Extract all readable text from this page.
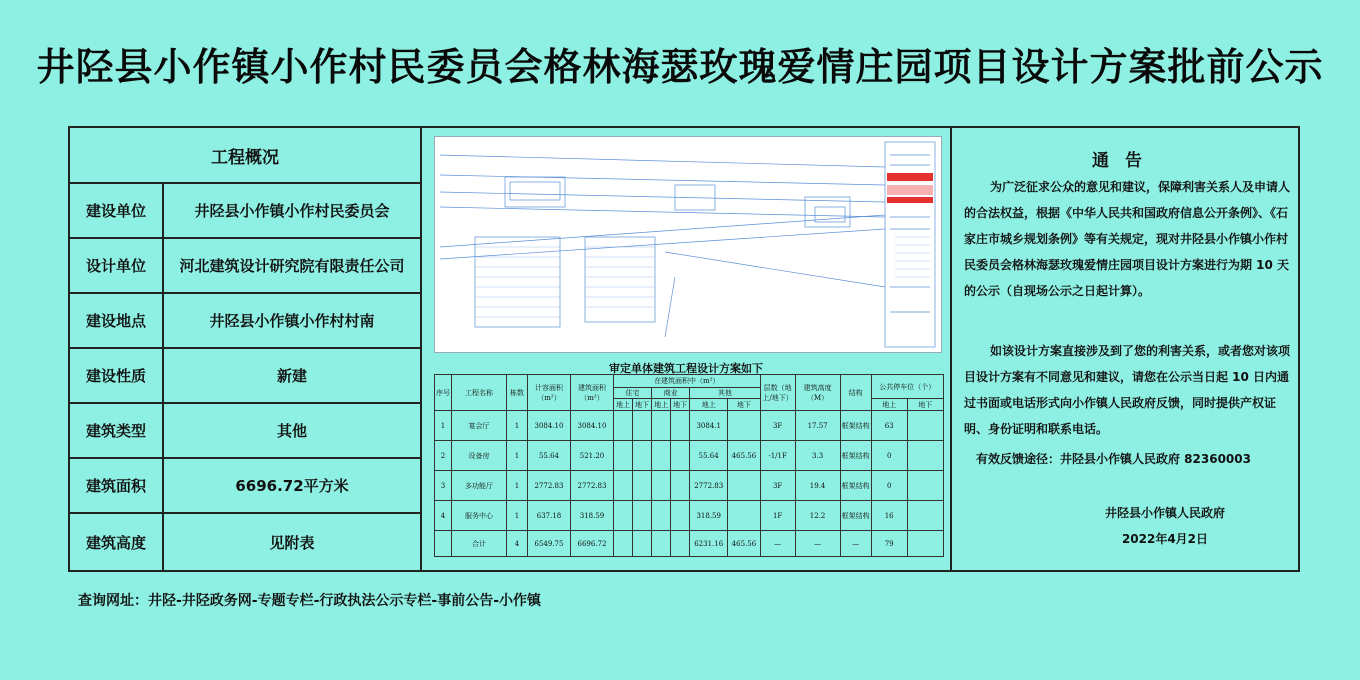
井陉县小作镇小作村民委员会格林海瑟玫瑰爱情庄园项目设计方案批前公示
工程概况
建设单位	井陉县小作镇小作村民委员会
设计单位	河北建筑设计研究院有限责任公司
建设地点	井陉县小作镇小作村村南
建设性质	新建
建筑类型	其他
建筑面积	6696.72平方米
建筑高度	见附表
审定单体建筑工程设计方案如下
序号	工程名称	栋数	计容面积（m²）	建筑面积（m²）	在建筑面积中（m²）						层数（地上/地下）	建筑高度（M）	结构	公共停车位（个）	
					住宅		商业		其他						
					地上	地下	地上	地下	地上	地下				地上	地下
1	宴会厅	1	3084.10	3084.10					3084.1		3F	17.57	框架结构	63	
2	设备房	1	55.64	521.20					55.64	465.56	-1/1F	3.3	框架结构	0	
3	多功能厅	1	2772.83	2772.83					2772.83		3F	19.4	框架结构	0	
4	服务中心	1	637.18	318.59					318.59		1F	12.2	框架结构	16	
	合计	4	6549.75	6696.72					6231.16	465.56	—	—	—	79	
通告
为广泛征求公众的意见和建议，保障利害关系人及申请人的合法权益，根据《中华人民共和国政府信息公开条例》、《石家庄市城乡规划条例》等有关规定，现对井陉县小作镇小作村民委员会格林海瑟玫瑰爱情庄园项目设计方案进行为期 10 天的公示（自现场公示之日起计算）。
如该设计方案直接涉及到了您的利害关系，或者您对该项目设计方案有不同意见和建议，请您在公示当日起 10 日内通过书面或电话形式向小作镇人民政府反馈，同时提供产权证明、身份证明和联系电话。
有效反馈途径：井陉县小作镇人民政府 82360003
井陉县小作镇人民政府
2022年4月2日
查询网址：井陉-井陉政务网-专题专栏-行政执法公示专栏-事前公告-小作镇
